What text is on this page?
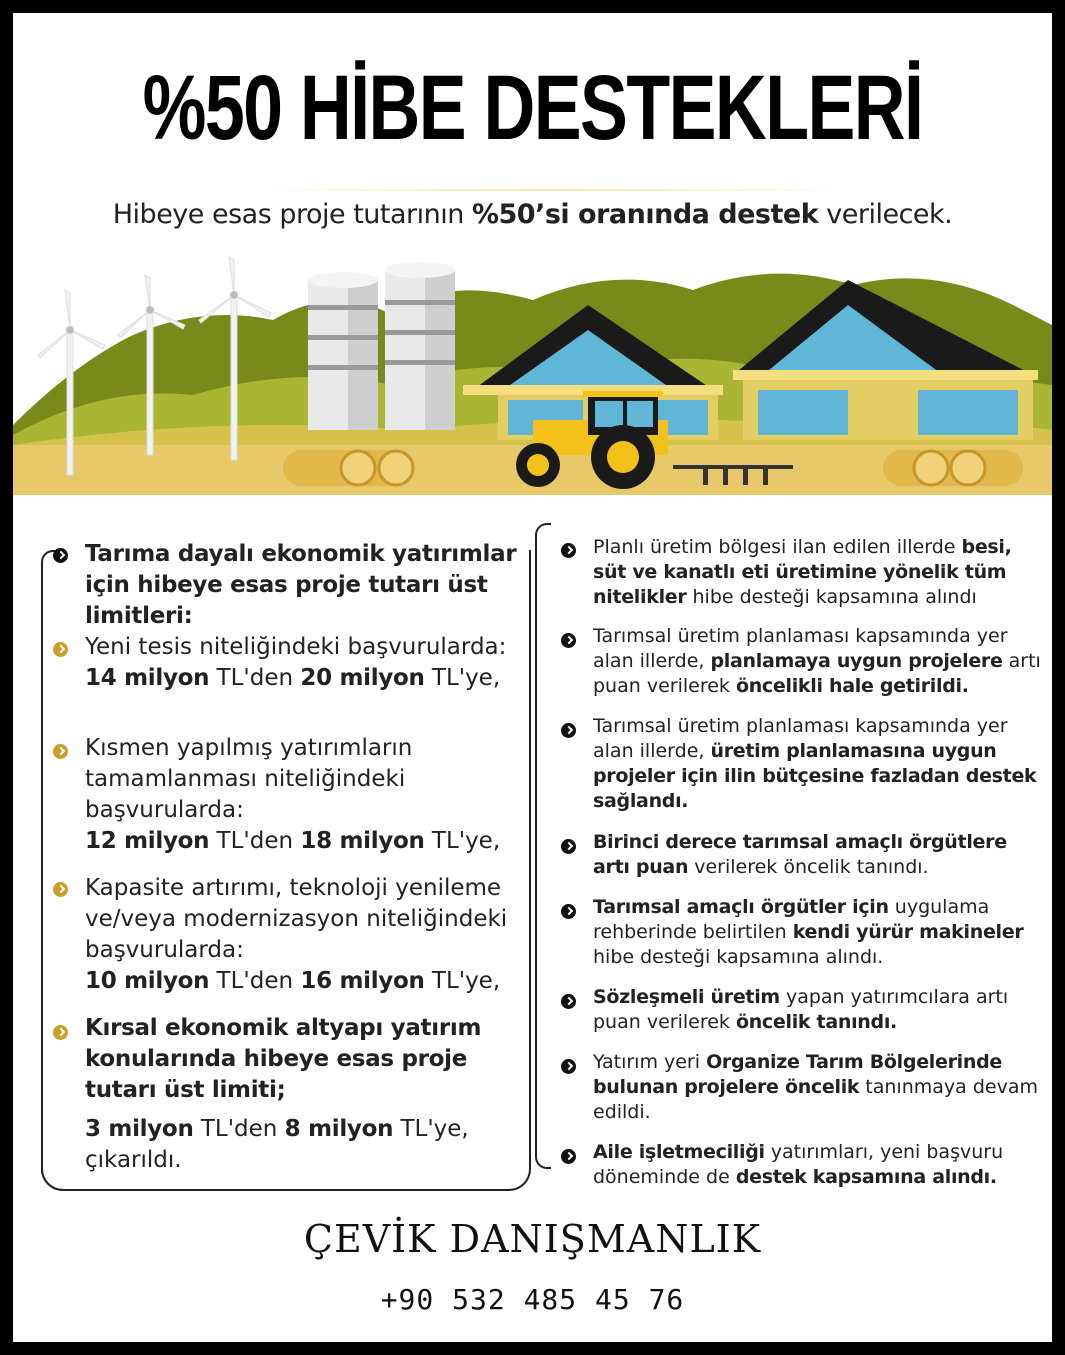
%50 HİBE DESTEKLERİ
Hibeye esas proje tutarının %50’si oranında destek verilecek.
Tarıma dayalı ekonomik yatırımlar için hibeye esas proje tutarı üst limitleri:
Yeni tesis niteliğindeki başvurularda:
14 milyon TL'den 20 milyon TL'ye,
Kısmen yapılmış yatırımların tamamlanması niteliğindeki başvurularda:
12 milyon TL'den 18 milyon TL'ye,
Kapasite artırımı, teknoloji yenileme ve/veya modernizasyon niteliğindeki başvurularda:
10 milyon TL'den 16 milyon TL'ye,
Kırsal ekonomik altyapı yatırım konularında hibeye esas proje tutarı üst limiti;
3 milyon TL'den 8 milyon TL'ye, çıkarıldı.
Planlı üretim bölgesi ilan edilen illerde besi, süt ve kanatlı eti üretimine yönelik tüm nitelikler hibe desteği kapsamına alındı
Tarımsal üretim planlaması kapsamında yer alan illerde, planlamaya uygun projelere artı puan verilerek öncelikli hale getirildi.
Tarımsal üretim planlaması kapsamında yer alan illerde, üretim planlamasına uygun projeler için ilin bütçesine fazladan destek sağlandı.
Birinci derece tarımsal amaçlı örgütlere artı puan verilerek öncelik tanındı.
Tarımsal amaçlı örgütler için uygulama rehberinde belirtilen kendi yürür makineler hibe desteği kapsamına alındı.
Sözleşmeli üretim yapan yatırımcılara artı puan verilerek öncelik tanındı.
Yatırım yeri Organize Tarım Bölgelerinde bulunan projelere öncelik tanınmaya devam edildi.
Aile işletmeciliği yatırımları, yeni başvuru döneminde de destek kapsamına alındı.
ÇEVİK DANIŞMANLIK
+90 532 485 45 76
